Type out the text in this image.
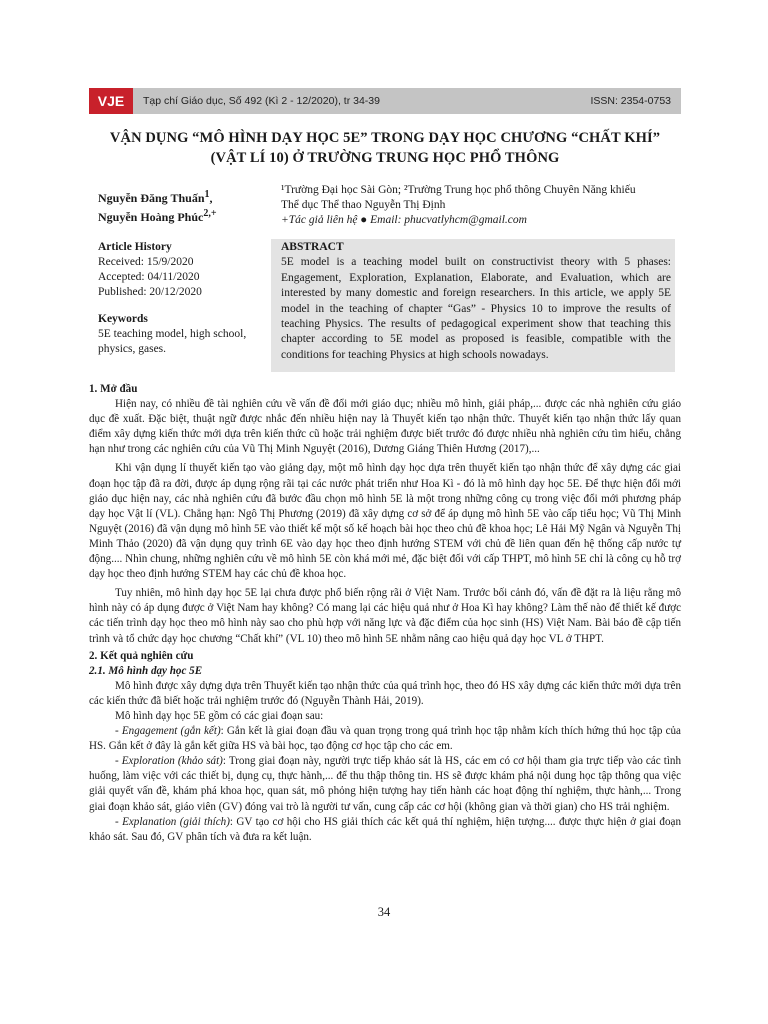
VJE	Tạp chí Giáo dục, Số 492 (Kì 2 - 12/2020), tr 34-39	ISSN: 2354-0753
VẬN DỤNG “MÔ HÌNH DẠY HỌC 5E” TRONG DẠY HỌC CHƯƠNG “CHẤT KHÍ”
(VẬT LÍ 10) Ở TRƯỜNG TRUNG HỌC PHỔ THÔNG
Nguyễn Đăng Thuấn$^1$,
Nguyễn Hoàng Phúc$^{2,+}$
¹Trường Đại học Sài Gòn; ²Trường Trung học phổ thông Chuyên Năng khiếu
Thể dục Thể thao Nguyễn Thị Định
+Tác giả liên hệ ● Email: phucvatlyhcm@gmail.com
Article History
Received: 15/9/2020
Accepted: 04/11/2020
Published: 20/12/2020
Keywords
5E teaching model, high school, physics, gases.
ABSTRACT
5E model is a teaching model built on constructivist theory with 5 phases: Engagement, Exploration, Explanation, Elaborate, and Evaluation, which are interested by many domestic and foreign researchers. In this article, we apply 5E model in the teaching of chapter “Gas” - Physics 10 to improve the results of teaching Physics. The results of pedagogical experiment show that teaching this chapter according to 5E model as proposed is feasible, compatible with the conditions for teaching Physics at high schools nowadays.

1. Mở đầu

Hiện nay, có nhiều đề tài nghiên cứu về vấn đề đổi mới giáo dục; nhiều mô hình, giải pháp,... được các nhà nghiên cứu giáo dục đề xuất. Đặc biệt, thuật ngữ được nhắc đến nhiều hiện nay là Thuyết kiến tạo nhận thức. Thuyết kiến tạo nhận thức lấy quan điểm xây dựng kiến thức mới dựa trên kiến thức cũ hoặc trải nghiệm được biết trước đó được nhiều nhà nghiên cứu tìm hiểu, chẳng hạn như trong các nghiên cứu của Vũ Thị Minh Nguyệt (2016), Dương Giáng Thiên Hương (2017),...

Khi vận dụng lí thuyết kiến tạo vào giảng dạy, một mô hình dạy học dựa trên thuyết kiến tạo nhận thức để xây dựng các giai đoạn học tập đã ra đời, được áp dụng rộng rãi tại các nước phát triển như Hoa Kì - đó là mô hình dạy học 5E. Để thực hiện đổi mới giáo dục hiện nay, các nhà nghiên cứu đã bước đầu chọn mô hình 5E là một trong những công cụ trong việc đổi mới phương pháp dạy học Vật lí (VL). Chẳng hạn: Ngô Thị Phương (2019) đã xây dựng cơ sở để áp dụng mô hình 5E vào cấp tiểu học; Vũ Thị Minh Nguyệt (2016) đã vận dụng mô hình 5E vào thiết kế một số kế hoạch bài học theo chủ đề khoa học; Lê Hải Mỹ Ngân và Nguyễn Thị Minh Thảo (2020) đã vận dụng quy trình 6E vào dạy học theo định hướng STEM với chủ đề liên quan đến hệ thống cấp nước tự động.... Nhìn chung, những nghiên cứu về mô hình 5E còn khá mới mẻ, đặc biệt đối với cấp THPT, mô hình 5E chỉ là công cụ hỗ trợ dạy học theo định hướng STEM hay các chủ đề khoa học.

Tuy nhiên, mô hình dạy học 5E lại chưa được phổ biến rộng rãi ở Việt Nam. Trước bối cảnh đó, vấn đề đặt ra là liệu rằng mô hình này có áp dụng được ở Việt Nam hay không? Có mang lại các hiệu quả như ở Hoa Kì hay không? Làm thế nào để thiết kế được các tiến trình dạy học theo mô hình này sao cho phù hợp với năng lực và đặc điểm của học sinh (HS) Việt Nam. Bài báo đề cập tiến trình và tổ chức dạy học chương “Chất khí” (VL 10) theo mô hình 5E nhằm nâng cao hiệu quả dạy học VL ở THPT.

2. Kết quả nghiên cứu

2.1. Mô hình dạy học 5E

Mô hình được xây dựng dựa trên Thuyết kiến tạo nhận thức của quá trình học, theo đó HS xây dựng các kiến thức mới dựa trên các kiến thức đã biết hoặc trải nghiệm trước đó (Nguyễn Thành Hải, 2019).

Mô hình dạy học 5E gồm có các giai đoạn sau:

- Engagement (gắn kết): Gắn kết là giai đoạn đầu và quan trọng trong quá trình học tập nhằm kích thích hứng thú học tập của HS. Gắn kết ở đây là gắn kết giữa HS và bài học, tạo động cơ học tập cho các em.

- Exploration (khảo sát): Trong giai đoạn này, người trực tiếp khảo sát là HS, các em có cơ hội tham gia trực tiếp vào các tình huống, làm việc với các thiết bị, dụng cụ, thực hành,... để thu thập thông tin. HS sẽ được khám phá nội dung học tập thông qua việc giải quyết vấn đề, khám phá khoa học, quan sát, mô phỏng hiện tượng hay tiến hành các hoạt động thí nghiệm, thực hành,... Trong giai đoạn khảo sát, giáo viên (GV) đóng vai trò là người tư vấn, cung cấp các cơ hội (không gian và thời gian) cho HS trải nghiệm.

- Explanation (giải thích): GV tạo cơ hội cho HS giải thích các kết quả thí nghiệm, hiện tượng.... được thực hiện ở giai đoạn khảo sát. Sau đó, GV phân tích và đưa ra kết luận.

34
